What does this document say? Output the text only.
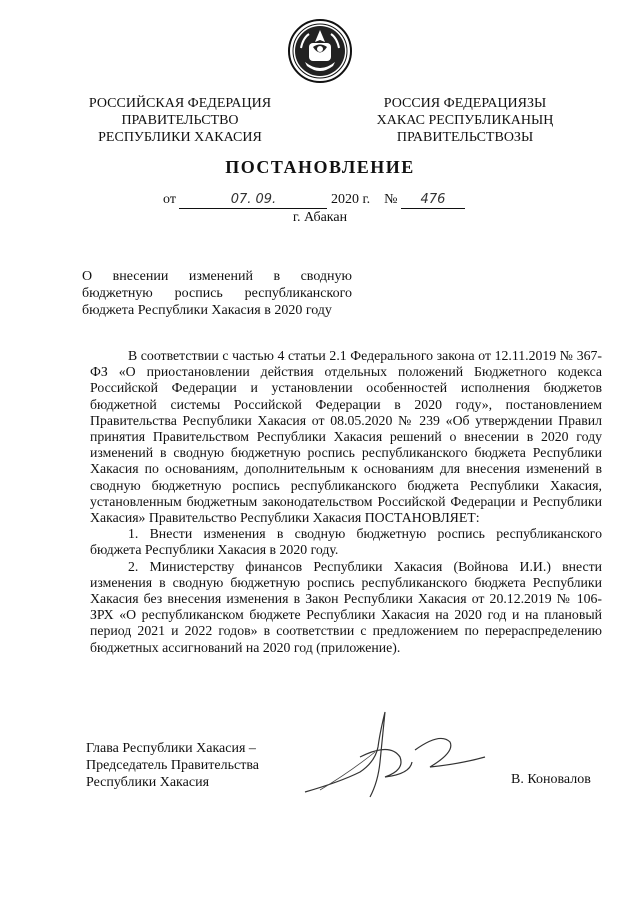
РОССИЙСКАЯ ФЕДЕРАЦИЯ
ПРАВИТЕЛЬСТВО
РЕСПУБЛИКИ ХАКАСИЯ
РОССИЯ ФЕДЕРАЦИЯЗЫ
ХАКАС РЕСПУБЛИКАНЫҢ
ПРАВИТЕЛЬСТВОЗЫ
ПОСТАНОВЛЕНИЕ
от	07. 09.	2020 г. № 476
г. Абакан
О внесении изменений в сводную
бюджетную роспись республиканского
бюджета Республики Хакасия в 2020 году

В соответствии с частью 4 статьи 2.1 Федерального закона от 12.11.2019 № 367-ФЗ «О приостановлении действия отдельных положений Бюджетного кодекса Российской Федерации и установлении особенностей исполнения бюджетов бюджетной системы Российской Федерации в 2020 году», постановлением Правительства Республики Хакасия от 08.05.2020 № 239 «Об утверждении Правил принятия Правительством Республики Хакасия решений о внесении в 2020 году изменений в сводную бюджетную роспись республиканского бюджета Республики Хакасия по основаниям, дополнительным к основаниям для внесения изменений в сводную бюджетную роспись республиканского бюджета Республики Хакасия, установленным бюджетным законодательством Российской Федерации и Республики Хакасия» Правительство Республики Хакасия ПОСТАНОВЛЯЕТ:

1. Внести изменения в сводную бюджетную роспись республиканского бюджета Республики Хакасия в 2020 году.

2. Министерству финансов Республики Хакасия (Войнова И.И.) внести изменения в сводную бюджетную роспись республиканского бюджета Республики Хакасия без внесения изменения в Закон Республики Хакасия от 20.12.2019 № 106-ЗРХ «О республиканском бюджете Республики Хакасия на 2020 год и на плановый период 2021 и 2022 годов» в соответствии с предложением по перераспределению бюджетных ассигнований на 2020 год (приложение).

Глава Республики Хакасия –
Председатель Правительства
Республики Хакасия	В. Коновалов
